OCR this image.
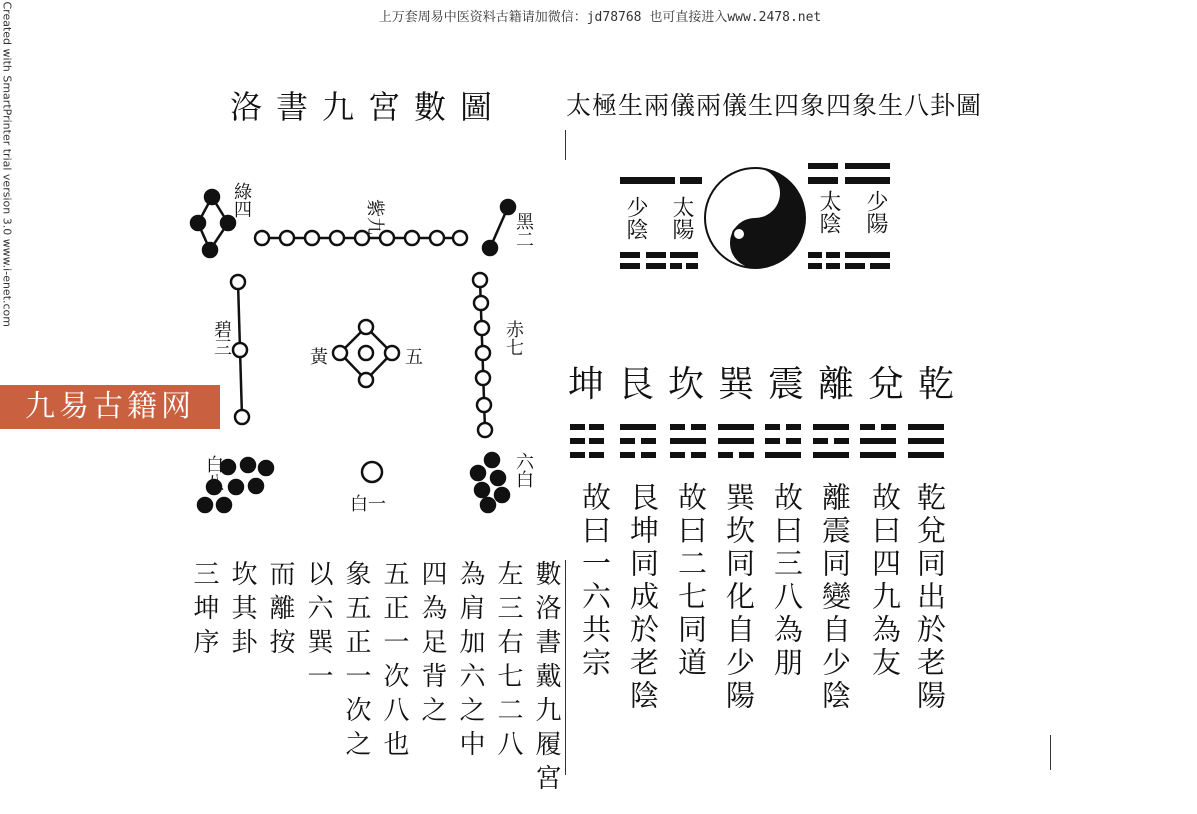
上万套周易中医资料古籍请加微信：jd78768 也可直接进入www.2478.net
Created with SmartPrinter trial version 3.0 www.i-enet.com
九易古籍网
洛書九宮數圖
紫九
綠四
黑二
碧三	赤七
黃	五
白八	六白
白一
數洛書戴九履宮
左三右七二八
為肩加六之中
四為足背之
五正一次八也
象五正一次之
以六巽一
而離按
坎其卦
三坤序
太極生兩儀兩儀生四象四象生八卦圖
少陰 太陽	太陰 少陽
乾兌離震巽坎艮坤
乾兌同出於老陽
故曰四九為友
離震同變自少陰
故曰三八為朋
巽坎同化自少陽
故曰二七同道
艮坤同成於老陰
故曰一六共宗
